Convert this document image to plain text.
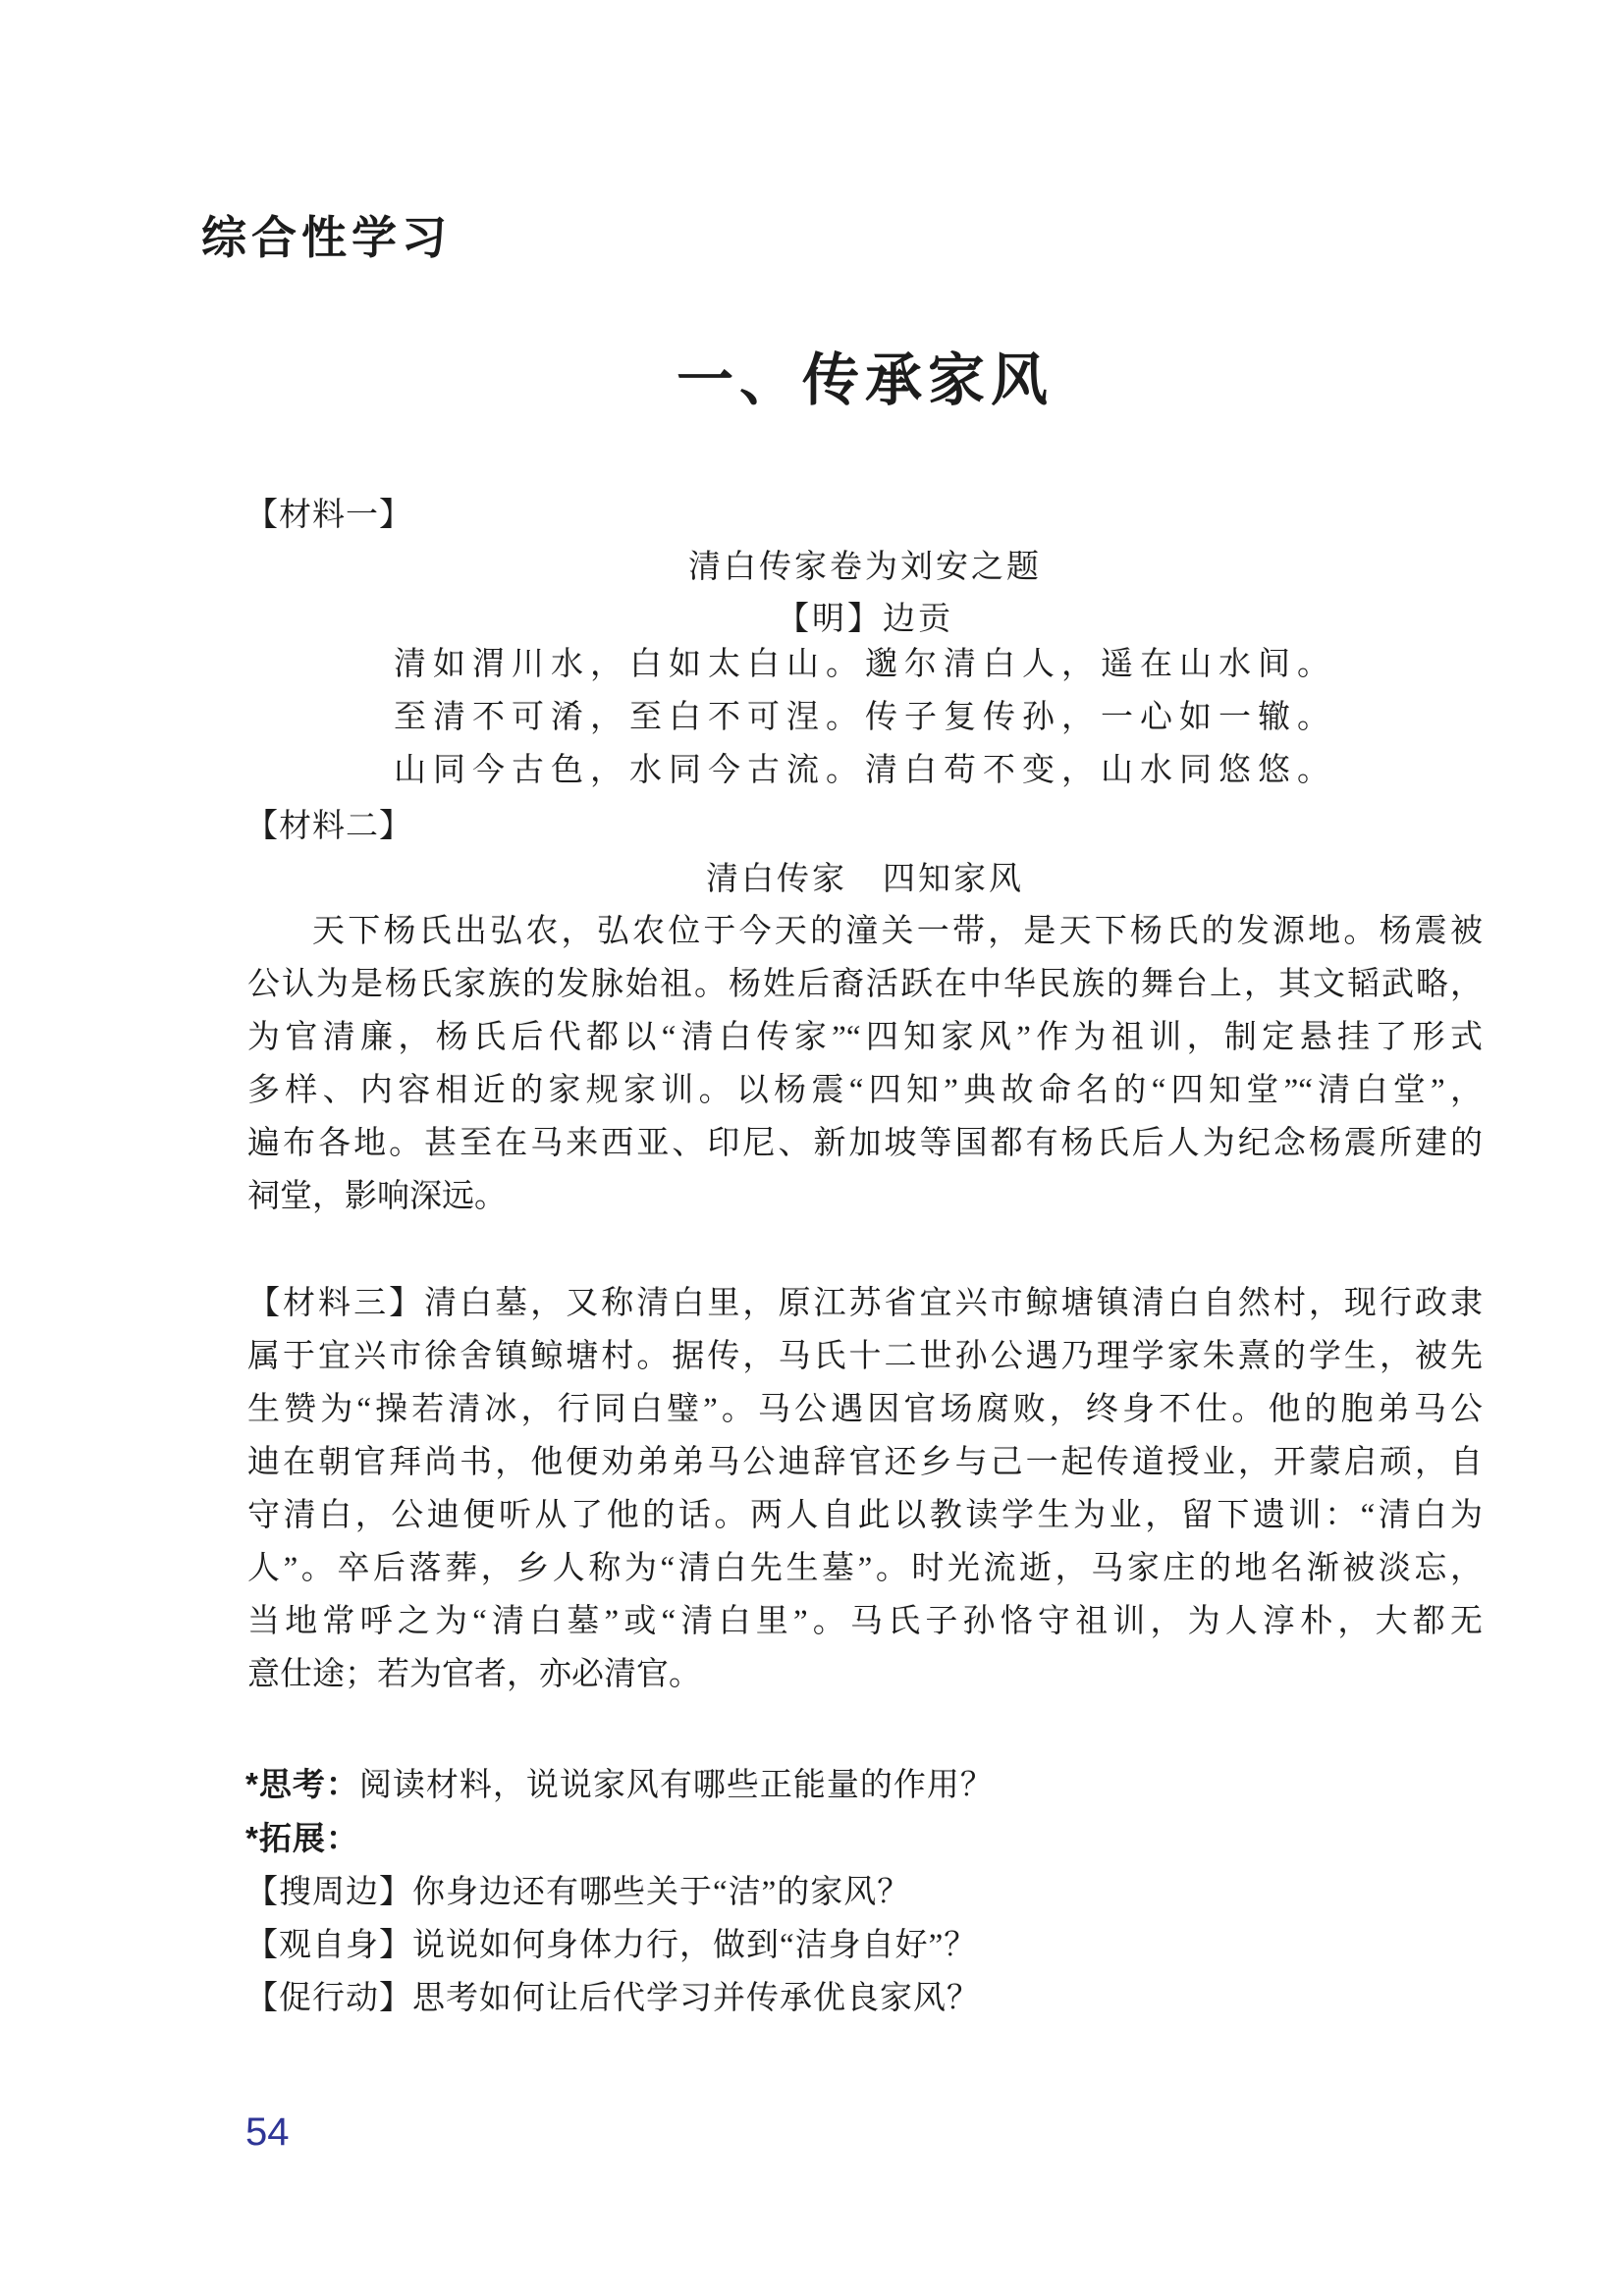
综合性学习
一、传承家风
【材料一】
清白传家卷为刘安之题
【明】边贡
清如渭川水，白如太白山。邈尔清白人，遥在山水间。
至清不可淆，至白不可涅。传子复传孙，一心如一辙。
山同今古色，水同今古流。清白苟不变，山水同悠悠。
【材料二】
清白传家　四知家风
天下杨氏出弘农，弘农位于今天的潼关一带，是天下杨氏的发源地。杨震被
公认为是杨氏家族的发脉始祖。杨姓后裔活跃在中华民族的舞台上，其文韬武略，
为官清廉，杨氏后代都以“清白传家”“四知家风”作为祖训，制定悬挂了形式
多样、内容相近的家规家训。以杨震“四知”典故命名的“四知堂”“清白堂”，
遍布各地。甚至在马来西亚、印尼、新加坡等国都有杨氏后人为纪念杨震所建的
祠堂，影响深远。
【材料三】清白墓，又称清白里，原江苏省宜兴市鲸塘镇清白自然村，现行政隶
属于宜兴市徐舍镇鲸塘村。据传，马氏十二世孙公遇乃理学家朱熹的学生，被先
生赞为“操若清冰，行同白璧”。马公遇因官场腐败，终身不仕。他的胞弟马公
迪在朝官拜尚书，他便劝弟弟马公迪辞官还乡与己一起传道授业，开蒙启顽，自
守清白，公迪便听从了他的话。两人自此以教读学生为业，留下遗训：“清白为
人”。卒后落葬，乡人称为“清白先生墓”。时光流逝，马家庄的地名渐被淡忘，
当地常呼之为“清白墓”或“清白里”。马氏子孙恪守祖训，为人淳朴，大都无
意仕途；若为官者，亦必清官。
*思考：阅读材料，说说家风有哪些正能量的作用？
*拓展：
【搜周边】你身边还有哪些关于“洁”的家风？
【观自身】说说如何身体力行，做到“洁身自好”？
【促行动】思考如何让后代学习并传承优良家风？
54
